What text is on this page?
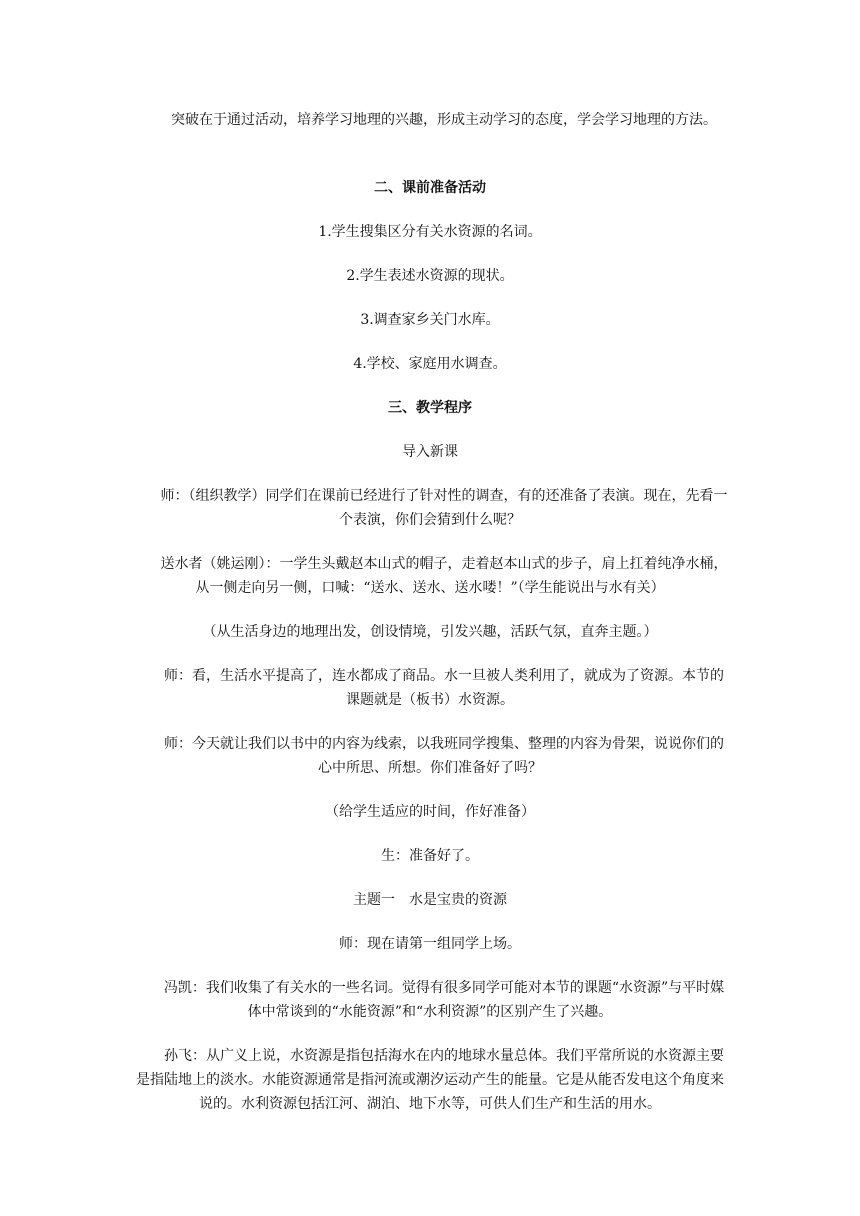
突破在于通过活动，培养学习地理的兴趣，形成主动学习的态度，学会学习地理的方法。

二、课前准备活动

1.学生搜集区分有关水资源的名词。

2.学生表述水资源的现状。

3.调查家乡关门水库。

4.学校、家庭用水调查。

三、教学程序

导入新课

师：（组织教学）同学们在课前已经进行了针对性的调查，有的还准备了表演。现在，先看一个表演，你们会猜到什么呢？

送水者（姚运刚）：一学生头戴赵本山式的帽子，走着赵本山式的步子，肩上扛着纯净水桶，从一侧走向另一侧，口喊：“送水、送水、送水喽！”（学生能说出与水有关）

（从生活身边的地理出发，创设情境，引发兴趣，活跃气氛，直奔主题。）

师：看，生活水平提高了，连水都成了商品。水一旦被人类利用了，就成为了资源。本节的课题就是（板书）水资源。

师：今天就让我们以书中的内容为线索，以我班同学搜集、整理的内容为骨架，说说你们的心中所思、所想。你们准备好了吗？

（给学生适应的时间，作好准备）

生：准备好了。

主题一　水是宝贵的资源

师：现在请第一组同学上场。

冯凯：我们收集了有关水的一些名词。觉得有很多同学可能对本节的课题“水资源”与平时媒体中常谈到的“水能资源”和“水利资源”的区别产生了兴趣。

孙飞：从广义上说，水资源是指包括海水在内的地球水量总体。我们平常所说的水资源主要是指陆地上的淡水。水能资源通常是指河流或潮汐运动产生的能量。它是从能否发电这个角度来说的。水利资源包括江河、湖泊、地下水等，可供人们生产和生活的用水。
